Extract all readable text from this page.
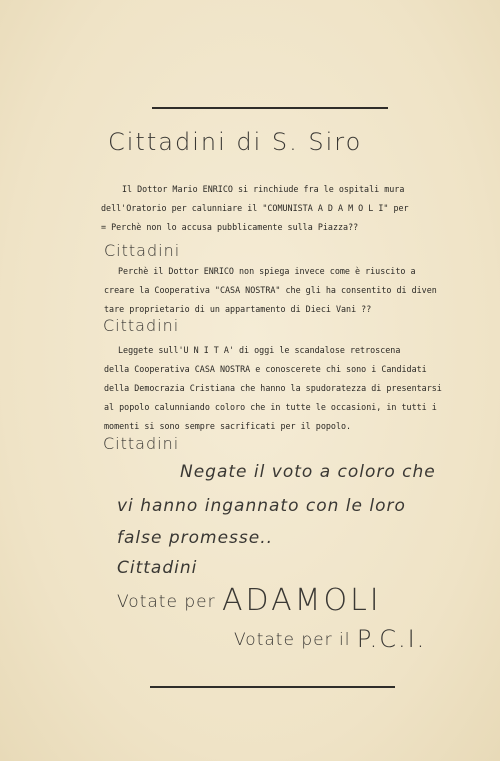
Cittadini di S. Siro

Il Dottor Mario ENRICO si rinchiude fra le ospitali mura

dell'Oratorio per calunniare il "COMUNISTA A D A M O L I" per

= Perchè non lo accusa pubblicamente sulla Piazza??

Cittadini

Perchè il Dottor ENRICO non spiega invece come è riuscito a

creare la Cooperativa "CASA NOSTRA" che gli ha consentito di diven

tare proprietario di un appartamento di Dieci Vani ??

Cittadini

Leggete sull'U N I T A' di oggi le scandalose retroscena

della Cooperativa CASA NOSTRA e conoscerete chi sono i Candidati

della Democrazia Cristiana che hanno la spudoratezza di presentarsi

al popolo calunniando coloro che in tutte le occasioni, in tutti i

momenti si sono sempre sacrificati per il popolo.

Cittadini
Negate il voto a coloro che
vi hanno ingannato con le loro
false promesse..
Cittadini
Votate per ADAMOLI
Votate per il P.C.I.
